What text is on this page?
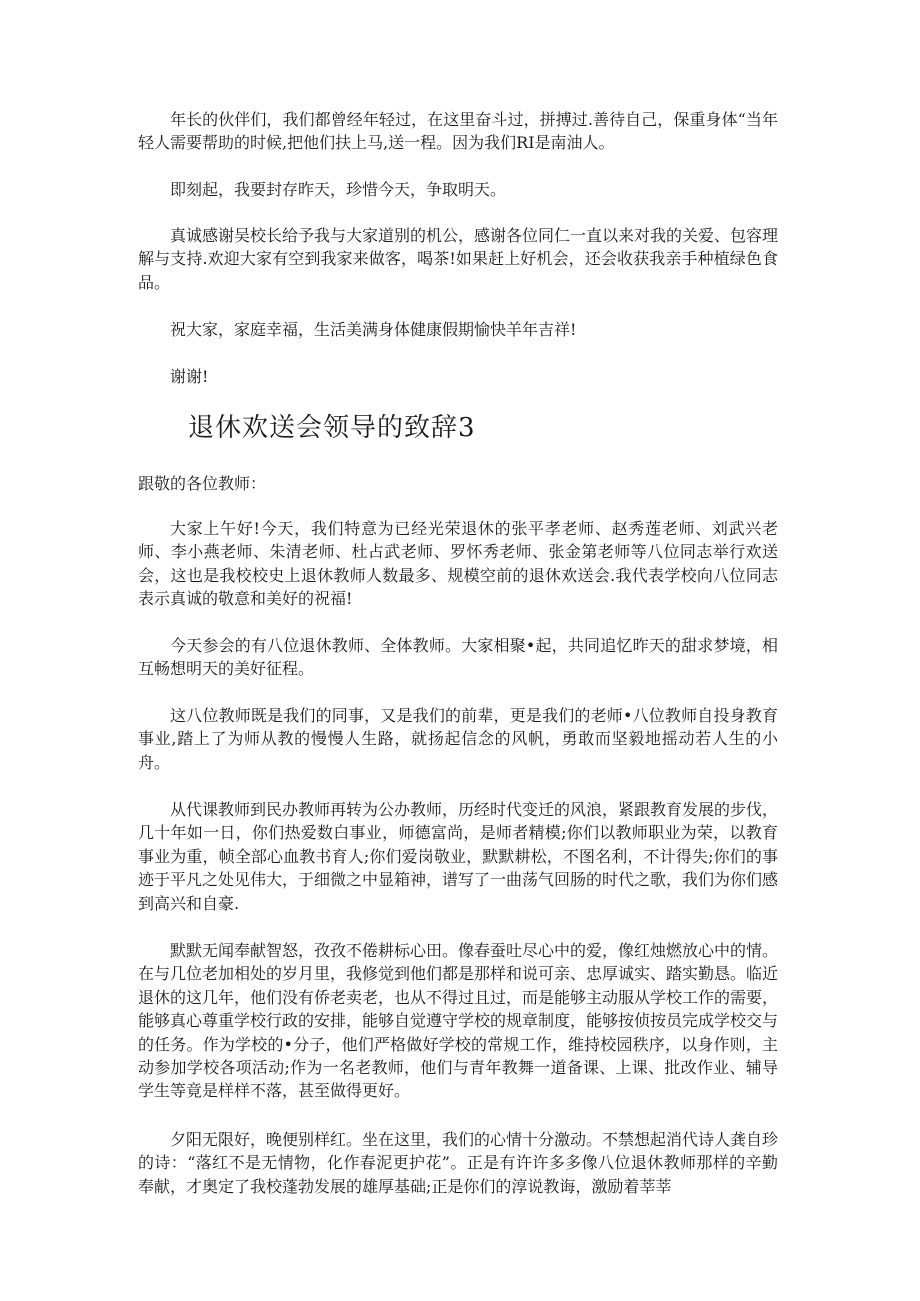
年长的伙伴们，我们都曾经年轻过，在这里奋斗过，拼搏过.善待自己，保重身体“当年轻人需要帮助的时候,把他们扶上马,送一程。因为我们RI是南油人。

即刻起，我要封存昨天，珍惜今天，争取明天。

真诚感谢吴校长给予我与大家道别的机公，感谢各位同仁一直以来对我的关爱、包容理解与支持.欢迎大家有空到我家来做客，喝茶!如果赶上好机会，还会收获我亲手种植绿色食品。

祝大家，家庭幸福，生活美满身体健康假期愉快羊年吉祥!

谢谢!

退休欢送会领导的致辞3

跟敬的各位教师：

大家上午好!今天，我们特意为已经光荣退休的张平孝老师、赵秀莲老师、刘武兴老师、李小燕老师、朱清老师、杜占武老师、罗怀秀老师、张金第老师等八位同志举行欢送会，这也是我校校史上退休教师人数最多、规模空前的退休欢送会.我代表学校向八位同志表示真诚的敬意和美好的祝福!

今天参会的有八位退休教师、全体教师。大家相聚•起，共同追忆昨天的甜求梦境，相互畅想明天的美好征程。

这八位教师既是我们的同事，又是我们的前辈，更是我们的老师•八位教师自投身教育事业,踏上了为师从教的慢慢人生路，就扬起信念的风帆，勇敢而坚毅地摇动若人生的小舟。

从代课教师到民办教师再转为公办教师，历经时代变迁的风浪，紧跟教育发展的步伐，几十年如一日，你们热爱数白事业，师德富尚，是师者精模;你们以教师职业为荣，以教育事业为重，帧全部心血教书育人;你们爱岗敬业，默默耕松，不图名利，不计得失;你们的事迹于平凡之处见伟大，于细微之中显箱神，谱写了一曲荡气回肠的时代之歌，我们为你们感到高兴和自豪.

默默无闻奉献智怒，孜孜不倦耕标心田。像春蚕吐尽心中的爱，像红烛燃放心中的情。在与几位老加相处的岁月里，我修觉到他们都是那样和说可亲、忠厚诚实、踏实勤恳。临近退休的这几年，他们没有侨老卖老，也从不得过且过，而是能够主动服从学校工作的需要，能够真心尊重学校行政的安排，能够自觉遵守学校的规章制度，能够按侦按员完成学校交与的任务。作为学校的•分子，他们严格做好学校的常规工作，维持校园秩序，以身作则，主动参加学校各项活动;作为一名老教师，他们与青年教舞一道备课、上课、批改作业、辅导学生等竟是样样不落，甚至做得更好。

夕阳无限好，晚便别样红。坐在这里，我们的心情十分激动。不禁想起消代诗人龚自珍的诗：“落红不是无情物，化作春泥更护花”。正是有许许多多像八位退休教师那样的辛勤奉献，才奥定了我校蓬勃发展的雄厚基础;正是你们的淳说教诲，激励着莘莘
